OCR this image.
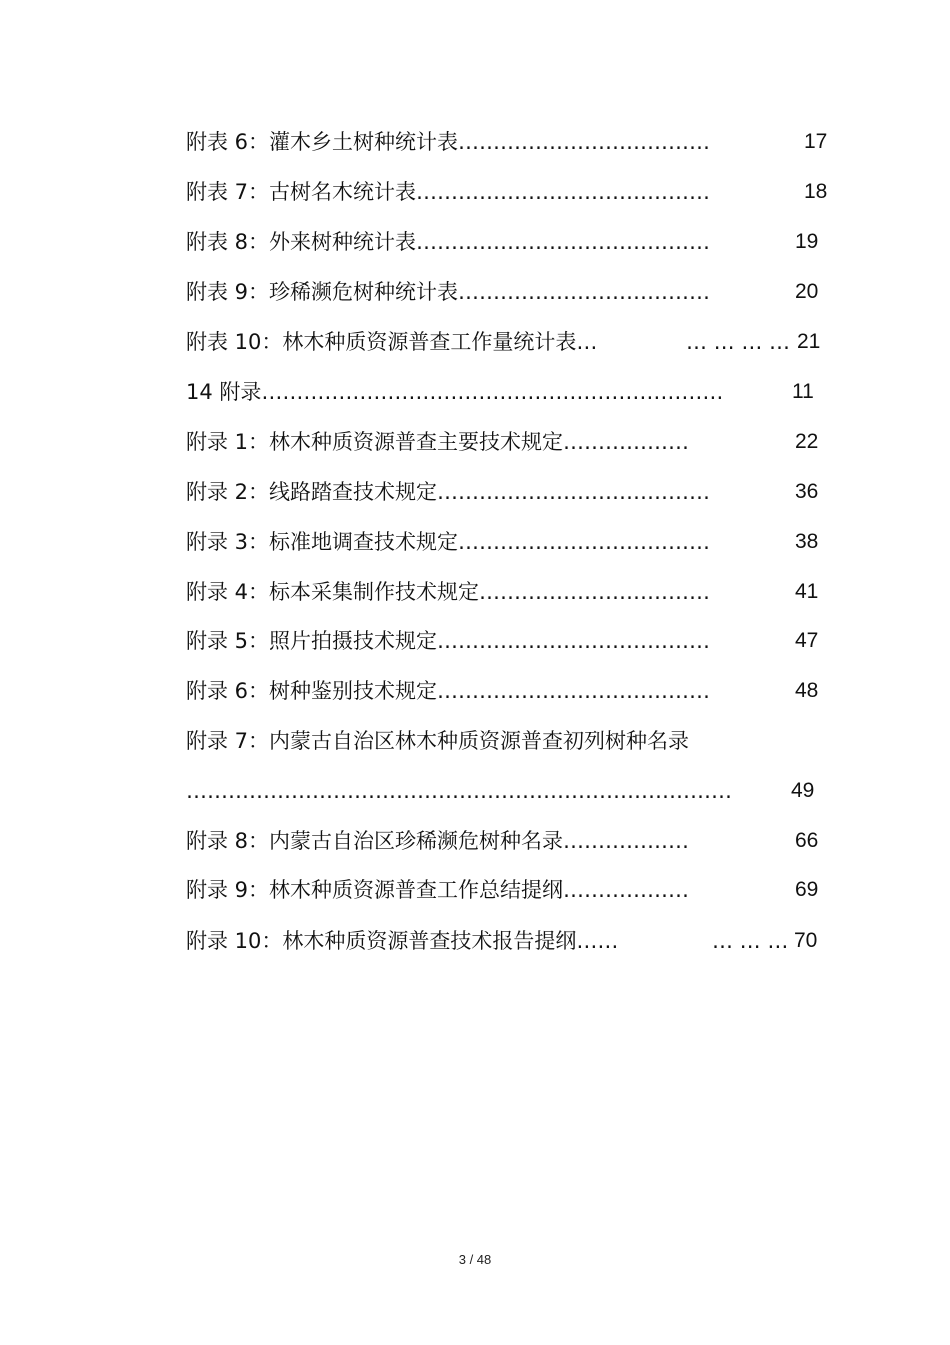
附表 6：灌木乡土树种统计表………………………………	17
附表 7：古树名木统计表……………………………………	18
附表 8：外来树种统计表……………………………………	19
附表 9：珍稀濒危树种统计表………………………………	20
附表 10：林木种质资源普查工作量统计表…	… … … … 21
14 附录…………………………………………………………	11
附录 1：林木种质资源普查主要技术规定………………	22
附录 2：线路踏查技术规定…………………………………	36
附录 3：标准地调查技术规定………………………………	38
附录 4：标本采集制作技术规定……………………………	41
附录 5：照片拍摄技术规定…………………………………	47
附录 6：树种鉴别技术规定…………………………………	48
附录 7：内蒙古自治区林木种质资源普查初列树种名录
……………………………………………………………………	49
附录 8：内蒙古自治区珍稀濒危树种名录………………	66
附录 9：林木种质资源普查工作总结提纲………………	69
附录 10：林木种质资源普查技术报告提纲……	… … … 70
3 / 48
